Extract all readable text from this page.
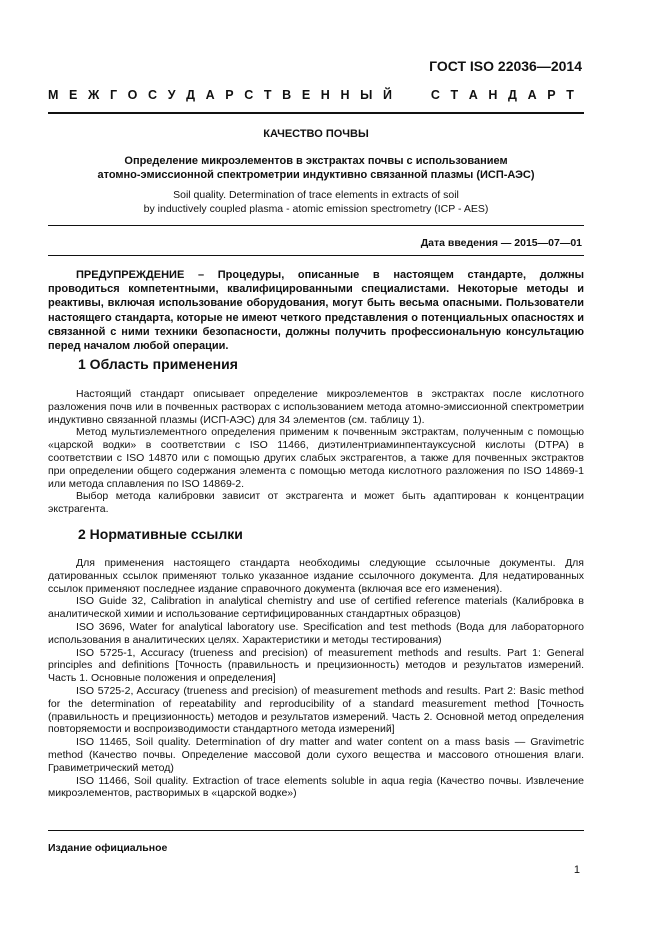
ГОСТ ISO 22036—2014
М Е Ж Г О С У Д А Р С Т В Е Н Н Ы Й

	С Т А Н Д А Р Т
КАЧЕСТВО ПОЧВЫ
Определение микроэлементов в экстрактах почвы с использованием
атомно-эмиссионной спектрометрии индуктивно связанной плазмы (ИСП-АЭС)
Soil quality. Determination of trace elements in extracts of soil
by inductively coupled plasma - atomic emission spectrometry (ICP - AES)
Дата введения — 2015—07—01
ПРЕДУПРЕЖДЕНИЕ – Процедуры, описанные в настоящем стандарте, должны проводиться компетентными, квалифицированными специалистами. Некоторые методы и реактивы, включая использование оборудования, могут быть весьма опасными. Пользователи настоящего стандарта, которые не имеют четкого представления о потенциальных опасностях и связанной с ними техники безопасности, должны получить профессиональную консультацию перед началом любой операции.
1 Область применения

Настоящий стандарт описывает определение микроэлементов в экстрактах после кислотного разложения почв или в почвенных растворах с использованием метода атомно-эмиссионной спектрометрии индуктивно связанной плазмы (ИСП-АЭС) для 34 элементов (см. таблицу 1).

Метод мультиэлементного определения применим к почвенным экстрактам, полученным с помощью «царской водки» в соответствии с ISO 11466, диэтилентриаминпентауксусной кислоты (DTPA) в соответствии с ISO 14870 или с помощью других слабых экстрагентов, а также для почвенных экстрактов при определении общего содержания элемента с помощью метода кислотного разложения по ISO 14869-1 или метода сплавления по ISO 14869-2.

Выбор метода калибровки зависит от экстрагента и может быть адаптирован к концентрации экстрагента.

2 Нормативные ссылки

Для применения настоящего стандарта необходимы следующие ссылочные документы. Для датированных ссылок применяют только указанное издание ссылочного документа. Для недатированных ссылок применяют последнее издание справочного документа (включая все его изменения).

ISO Guide 32, Calibration in analytical chemistry and use of certified reference materials (Калибровка в аналитической химии и использование сертифицированных стандартных образцов)

ISO 3696, Water for analytical laboratory use. Specification and test methods (Вода для лабораторного использования в аналитических целях. Характеристики и методы тестирования)

ISO 5725-1, Accuracy (trueness and precision) of measurement methods and results. Part 1: General principles and definitions [Точность (правильность и прецизионность) методов и результатов измерений. Часть 1. Основные положения и определения]

ISO 5725-2, Accuracy (trueness and precision) of measurement methods and results. Part 2: Basic method for the determination of repeatability and reproducibility of a standard measurement method [Точность (правильность и прецизионность) методов и результатов измерений. Часть 2. Основной метод определения повторяемости и воспроизводимости стандартного метода измерений]

ISO 11465, Soil quality. Determination of dry matter and water content on a mass basis — Gravimetric method (Качество почвы. Определение массовой доли сухого вещества и массового отношения влаги. Гравиметрический метод)

ISO 11466, Soil quality. Extraction of trace elements soluble in aqua regia (Качество почвы. Извлечение микроэлементов, растворимых в «царской водке»)

Издание официальное
1
